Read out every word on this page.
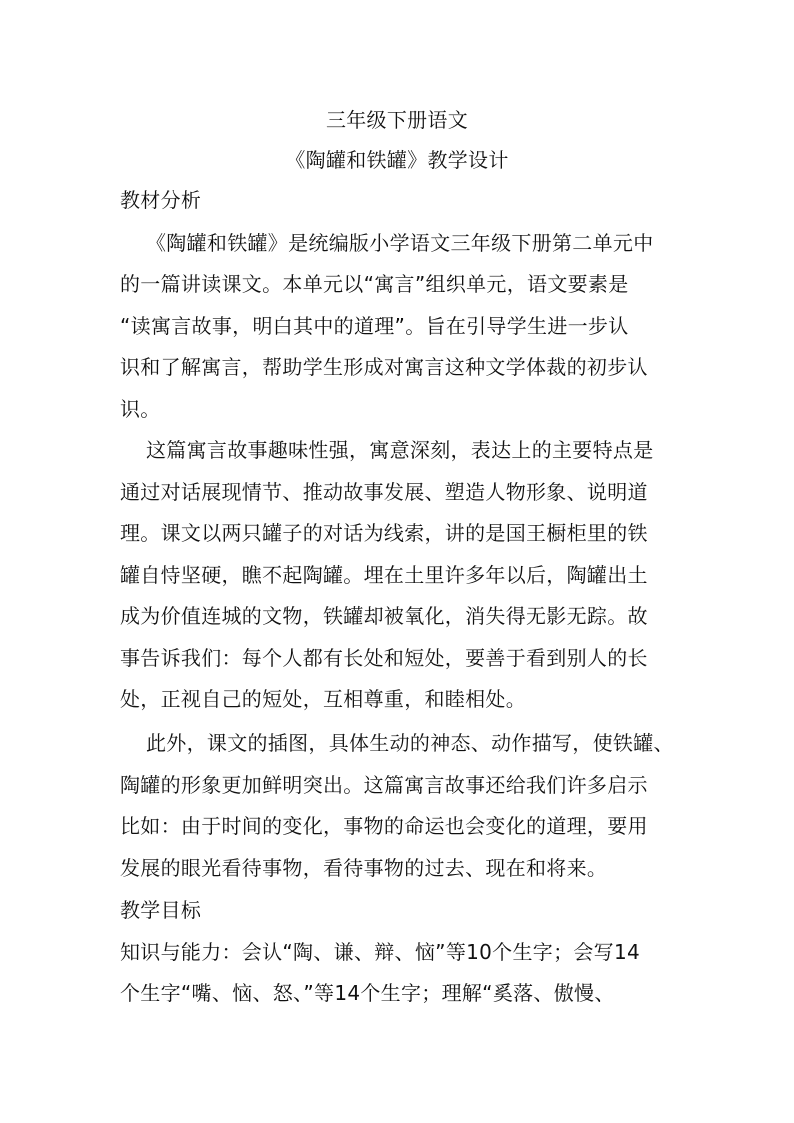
三年级下册语文
《陶罐和铁罐》教学设计
教材分析
《陶罐和铁罐》是统编版小学语文三年级下册第二单元中
的一篇讲读课文。本单元以“寓言”组织单元，语文要素是
“读寓言故事，明白其中的道理”。旨在引导学生进一步认
识和了解寓言，帮助学生形成对寓言这种文学体裁的初步认
识。
这篇寓言故事趣味性强，寓意深刻，表达上的主要特点是
通过对话展现情节、推动故事发展、塑造人物形象、说明道
理。课文以两只罐子的对话为线索，讲的是国王橱柜里的铁
罐自恃坚硬，瞧不起陶罐。埋在土里许多年以后，陶罐出土
成为价值连城的文物，铁罐却被氧化，消失得无影无踪。故
事告诉我们：每个人都有长处和短处，要善于看到别人的长
处，正视自己的短处，互相尊重，和睦相处。
此外，课文的插图，具体生动的神态、动作描写，使铁罐、
陶罐的形象更加鲜明突出。这篇寓言故事还给我们许多启示
比如：由于时间的变化，事物的命运也会变化的道理，要用
发展的眼光看待事物，看待事物的过去、现在和将来。
教学目标
知识与能力：会认“陶、谦、辩、恼”等10个生字；会写14
个生字“嘴、恼、怒、”等14个生字；理解“奚落、傲慢、
